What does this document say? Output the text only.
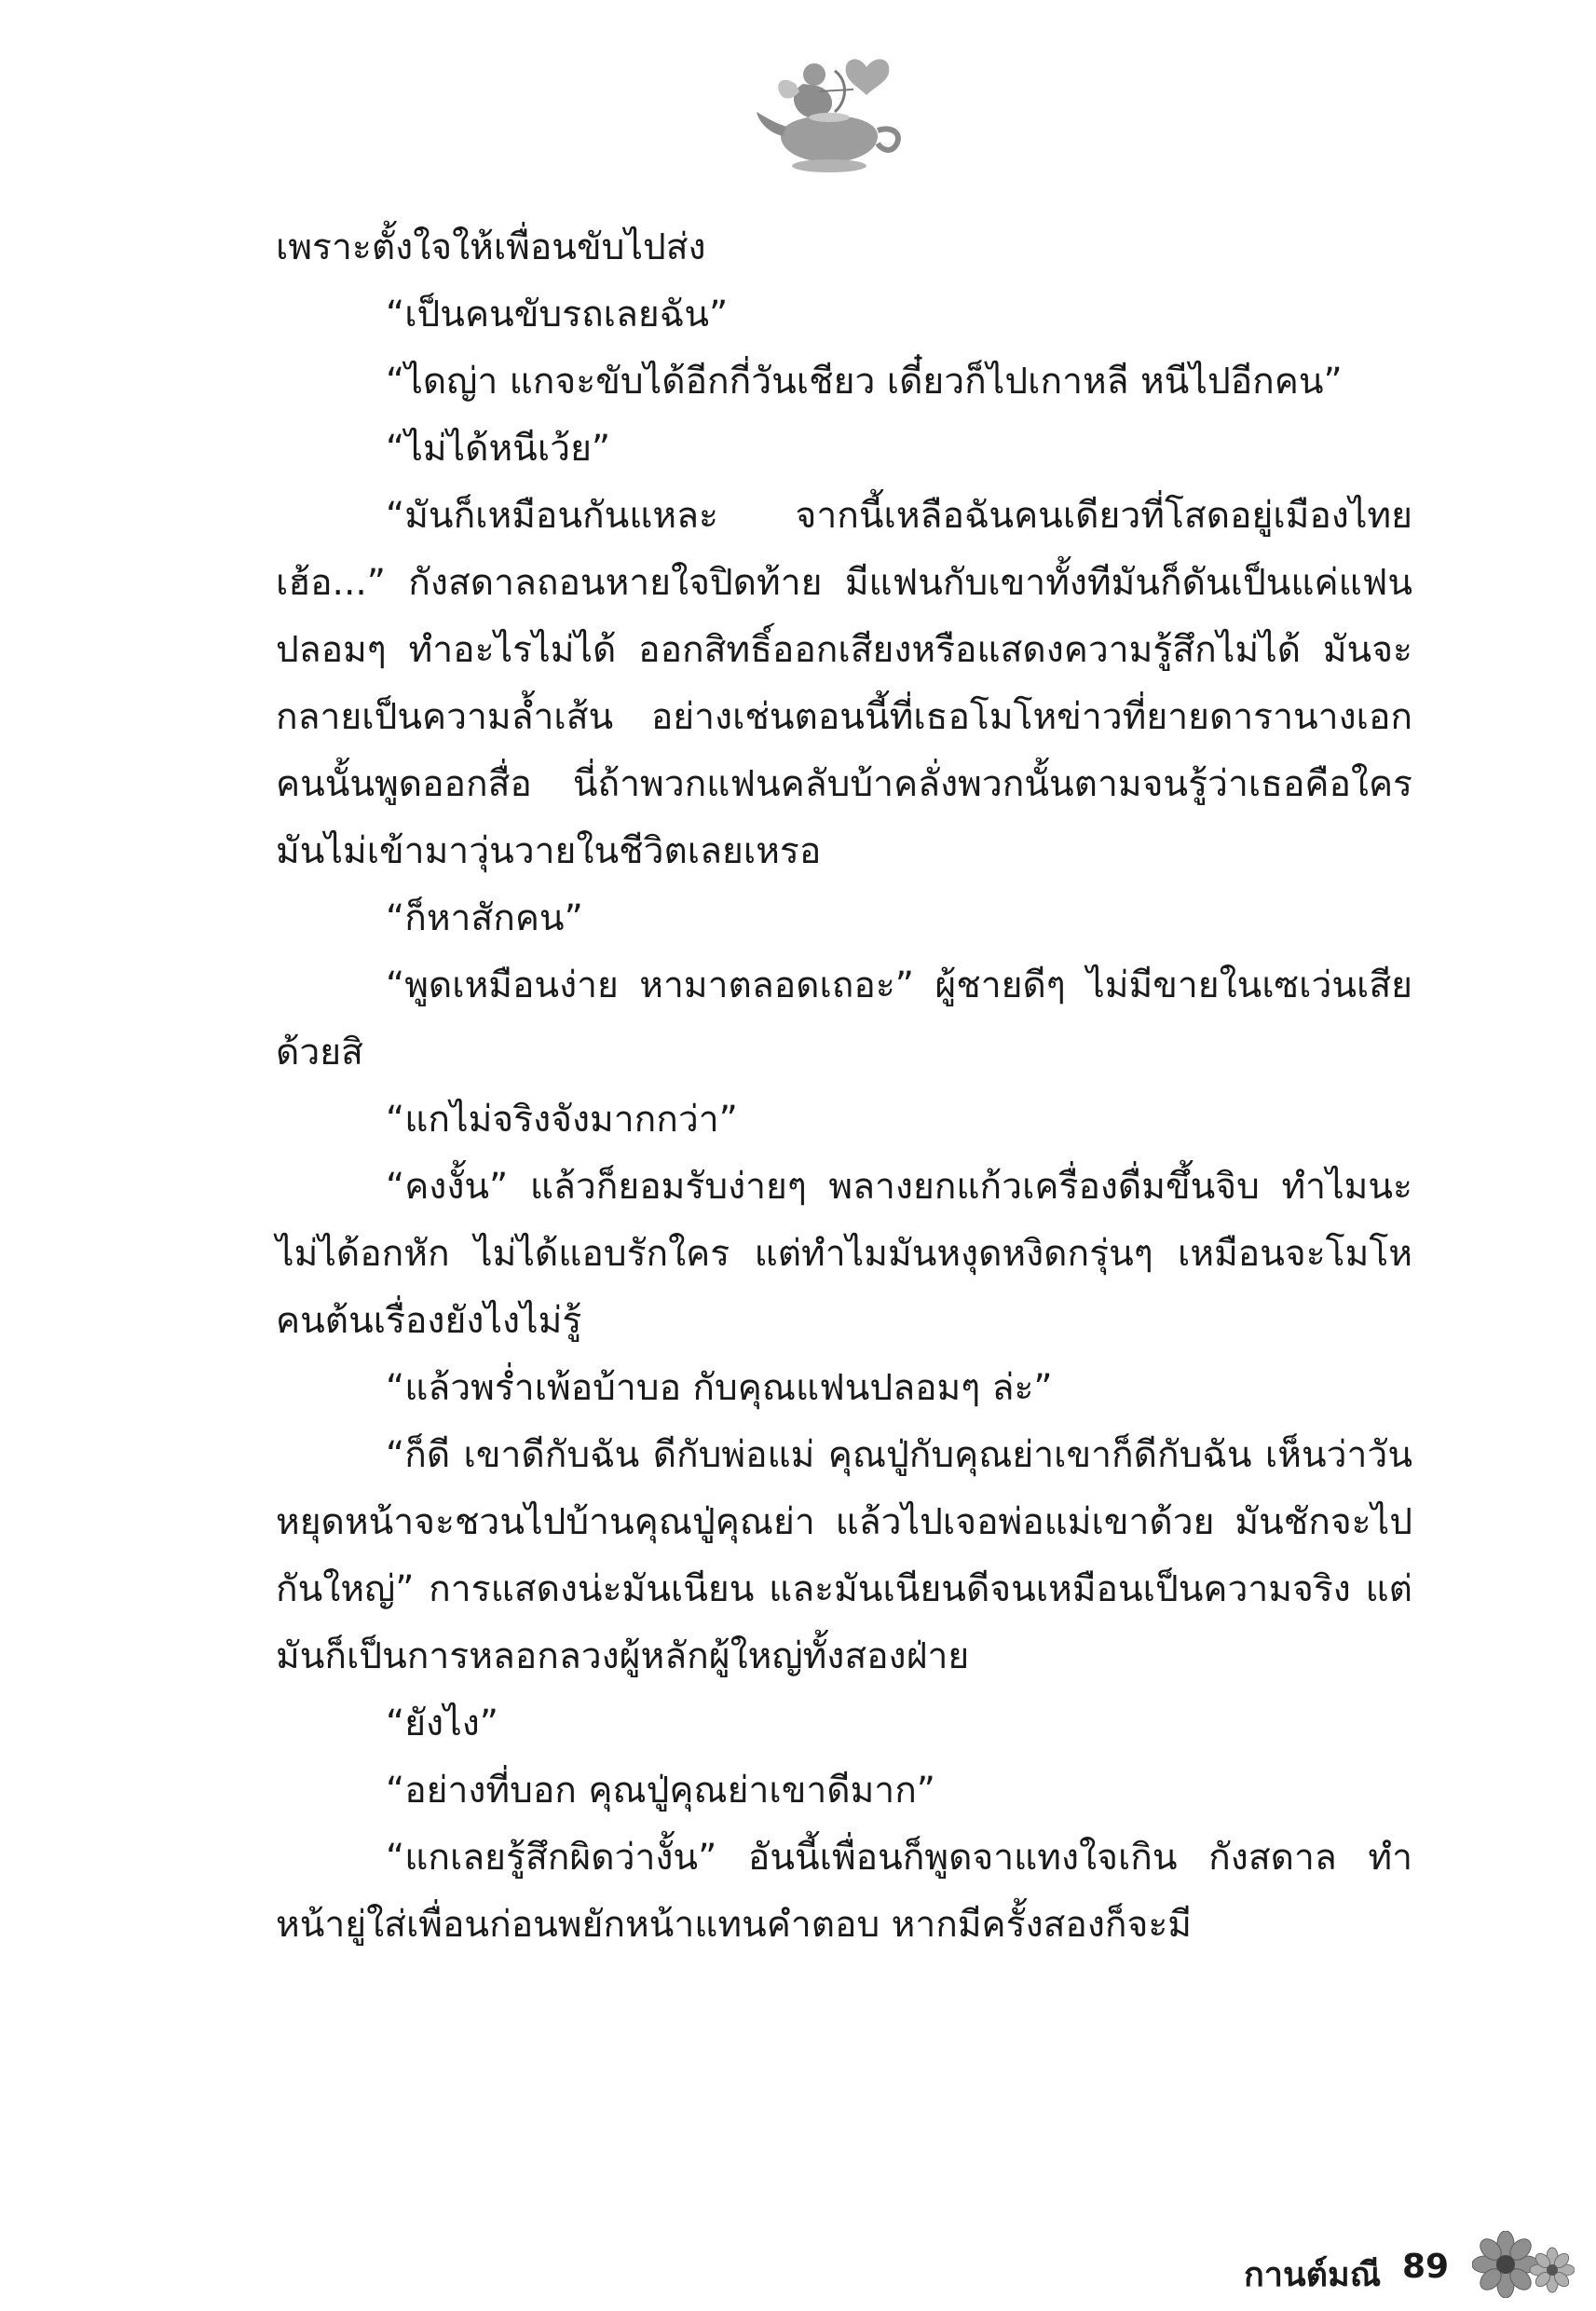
เพราะตั้งใจให้เพื่อนขับไปส่ง

“เป็นคนขับรถเลยฉัน”

“ไดญ่า แกจะขับได้อีกกี่วันเชียว เดี๋ยวก็ไปเกาหลี หนีไปอีกคน”

“ไม่ได้หนีเว้ย”

“มันก็เหมือนกันแหละ จากนี้เหลือฉันคนเดียวที่โสดอยู่เมืองไทย เฮ้อ...” กังสดาลถอนหายใจปิดท้าย มีแฟนกับเขาทั้งทีมันก็ดันเป็นแค่แฟนปลอมๆ ทำอะไรไม่ได้ ออกสิทธิ์ออกเสียงหรือแสดงความรู้สึกไม่ได้ มันจะกลายเป็นความล้ำเส้น อย่างเช่นตอนนี้ที่เธอโมโหข่าวที่ยายดารานางเอกคนนั้นพูดออกสื่อ นี่ถ้าพวกแฟนคลับบ้าคลั่งพวกนั้นตามจนรู้ว่าเธอคือใคร มันไม่เข้ามาวุ่นวายในชีวิตเลยเหรอ

“ก็หาสักคน”

“พูดเหมือนง่าย หามาตลอดเถอะ” ผู้ชายดีๆ ไม่มีขายในเซเว่นเสียด้วยสิ

“แกไม่จริงจังมากกว่า”

“คงงั้น” แล้วก็ยอมรับง่ายๆ พลางยกแก้วเครื่องดื่มขึ้นจิบ ทำไมนะ ไม่ได้อกหัก ไม่ได้แอบรักใคร แต่ทำไมมันหงุดหงิดกรุ่นๆ เหมือนจะโมโหคนต้นเรื่องยังไงไม่รู้

“แล้วพร่ำเพ้อบ้าบอ กับคุณแฟนปลอมๆ ล่ะ”

“ก็ดี เขาดีกับฉัน ดีกับพ่อแม่ คุณปู่กับคุณย่าเขาก็ดีกับฉัน เห็นว่าวันหยุดหน้าจะชวนไปบ้านคุณปู่คุณย่า แล้วไปเจอพ่อแม่เขาด้วย มันชักจะไปกันใหญ่” การแสดงน่ะมันเนียน และมันเนียนดีจนเหมือนเป็นความจริง แต่มันก็เป็นการหลอกลวงผู้หลักผู้ใหญ่ทั้งสองฝ่าย

“ยังไง”

“อย่างที่บอก คุณปู่คุณย่าเขาดีมาก”

“แกเลยรู้สึกผิดว่างั้น” อันนี้เพื่อนก็พูดจาแทงใจเกิน กังสดาล ทำหน้ายู่ใส่เพื่อนก่อนพยักหน้าแทนคำตอบ หากมีครั้งสองก็จะมี

กานต์มณี 89
